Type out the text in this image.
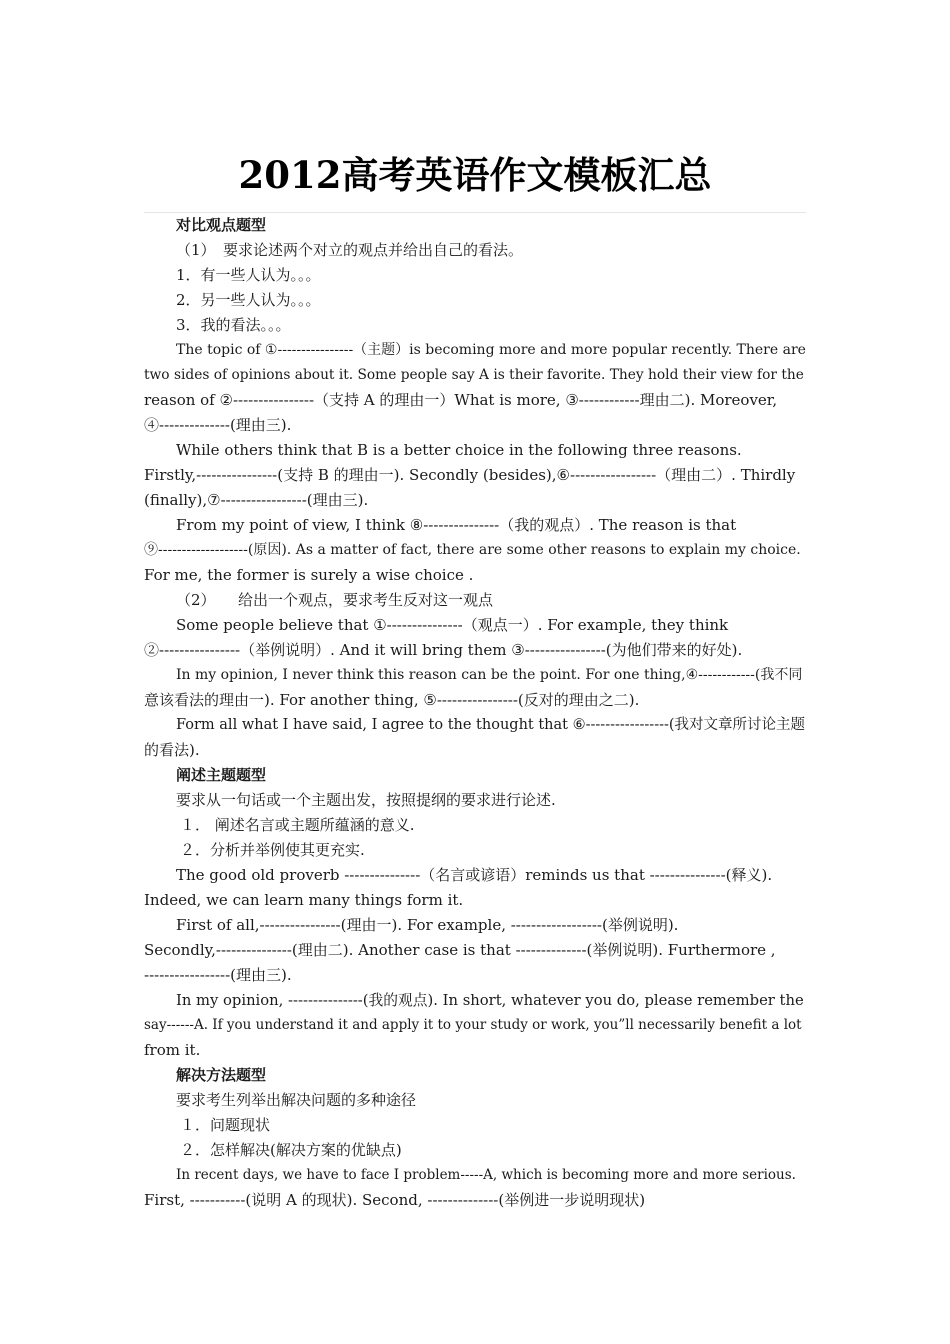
2012高考英语作文模板汇总

对比观点题型

（1）　要求论述两个对立的观点并给出自己的看法。

1．有一些人认为。。。

2．另一些人认为。。。

3．我的看法。。。

The topic of ①----------------（主题）is becoming more and more popular recently. There are

two sides of opinions about it. Some people say A is their favorite. They hold their view for the

reason of ②----------------（支持 A 的理由一）What is more, ③------------理由二). Moreover,

④--------------(理由三).

While others think that B is a better choice in the following three reasons.

Firstly,----------------(支持 B 的理由一). Secondly (besides),⑥-----------------（理由二）. Thirdly

(finally),⑦-----------------(理由三).

From my point of view, I think ⑧---------------（我的观点）. The reason is that

⑨-------------------(原因). As a matter of fact, there are some other reasons to explain my choice.

For me, the former is surely a wise choice .

（2）　　给出一个观点，要求考生反对这一观点

Some people believe that ①---------------（观点一）. For example, they think

②----------------（举例说明）. And it will bring them ③----------------(为他们带来的好处).

In my opinion, I never think this reason can be the point. For one thing,④------------(我不同

意该看法的理由一). For another thing, ⑤----------------(反对的理由之二).

Form all what I have said, I agree to the thought that ⑥-----------------(我对文章所讨论主题

的看法).

阐述主题题型

要求从一句话或一个主题出发，按照提纲的要求进行论述.

１． 阐述名言或主题所蕴涵的意义.

２．分析并举例使其更充实.

The good old proverb ---------------（名言或谚语）reminds us that ---------------(释义).

Indeed, we can learn many things form it.

First of all,----------------(理由一). For example, ------------------(举例说明).

Secondly,---------------(理由二). Another case is that --------------(举例说明). Furthermore ,

-----------------(理由三).

In my opinion, ---------------(我的观点). In short, whatever you do, please remember the

say------A. If you understand it and apply it to your study or work, you”ll necessarily benefit a lot

from it.

解决方法题型

要求考生列举出解决问题的多种途径

１．问题现状

２．怎样解决(解决方案的优缺点)

In recent days, we have to face I problem-----A, which is becoming more and more serious.

First, -----------(说明 A 的现状). Second, --------------(举例进一步说明现状)
